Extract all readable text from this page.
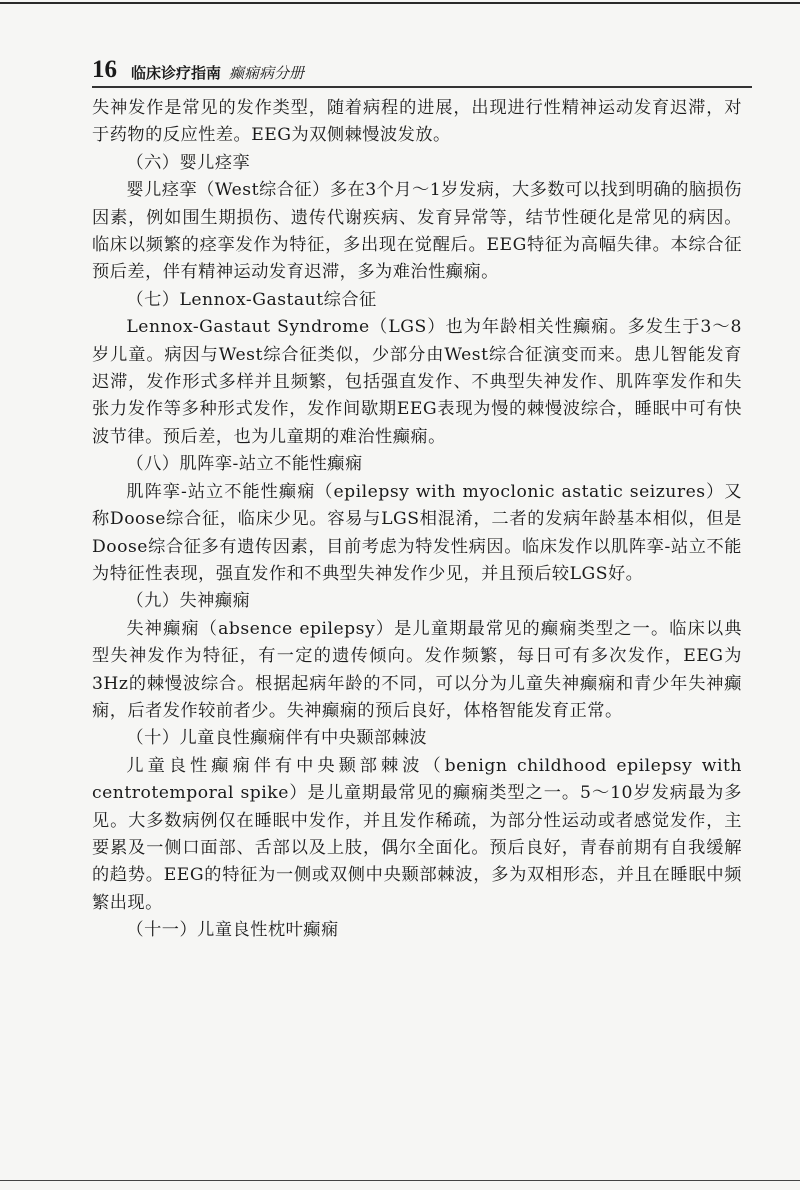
16 临床诊疗指南 癫痫病分册

失神发作是常见的发作类型，随着病程的进展，出现进行性精神运动发育迟滞，对于药物的反应性差。EEG为双侧棘慢波发放。

（六）婴儿痉挛

婴儿痉挛（West综合征）多在3个月～1岁发病，大多数可以找到明确的脑损伤因素，例如围生期损伤、遗传代谢疾病、发育异常等，结节性硬化是常见的病因。临床以频繁的痉挛发作为特征，多出现在觉醒后。EEG特征为高幅失律。本综合征预后差，伴有精神运动发育迟滞，多为难治性癫痫。

（七）Lennox-Gastaut综合征

Lennox-Gastaut Syndrome（LGS）也为年龄相关性癫痫。多发生于3～8岁儿童。病因与West综合征类似，少部分由West综合征演变而来。患儿智能发育迟滞，发作形式多样并且频繁，包括强直发作、不典型失神发作、肌阵挛发作和失张力发作等多种形式发作，发作间歇期EEG表现为慢的棘慢波综合，睡眠中可有快波节律。预后差，也为儿童期的难治性癫痫。

（八）肌阵挛-站立不能性癫痫

肌阵挛-站立不能性癫痫（epilepsy with myoclonic astatic seizures）又称Doose综合征，临床少见。容易与LGS相混淆，二者的发病年龄基本相似，但是Doose综合征多有遗传因素，目前考虑为特发性病因。临床发作以肌阵挛-站立不能为特征性表现，强直发作和不典型失神发作少见，并且预后较LGS好。

（九）失神癫痫

失神癫痫（absence epilepsy）是儿童期最常见的癫痫类型之一。临床以典型失神发作为特征，有一定的遗传倾向。发作频繁，每日可有多次发作，EEG为3Hz的棘慢波综合。根据起病年龄的不同，可以分为儿童失神癫痫和青少年失神癫痫，后者发作较前者少。失神癫痫的预后良好，体格智能发育正常。

（十）儿童良性癫痫伴有中央颞部棘波

儿童良性癫痫伴有中央颞部棘波（benign childhood epilepsy with centrotemporal spike）是儿童期最常见的癫痫类型之一。5～10岁发病最为多见。大多数病例仅在睡眠中发作，并且发作稀疏，为部分性运动或者感觉发作，主要累及一侧口面部、舌部以及上肢，偶尔全面化。预后良好，青春前期有自我缓解的趋势。EEG的特征为一侧或双侧中央颞部棘波，多为双相形态，并且在睡眠中频繁出现。

（十一）儿童良性枕叶癫痫
